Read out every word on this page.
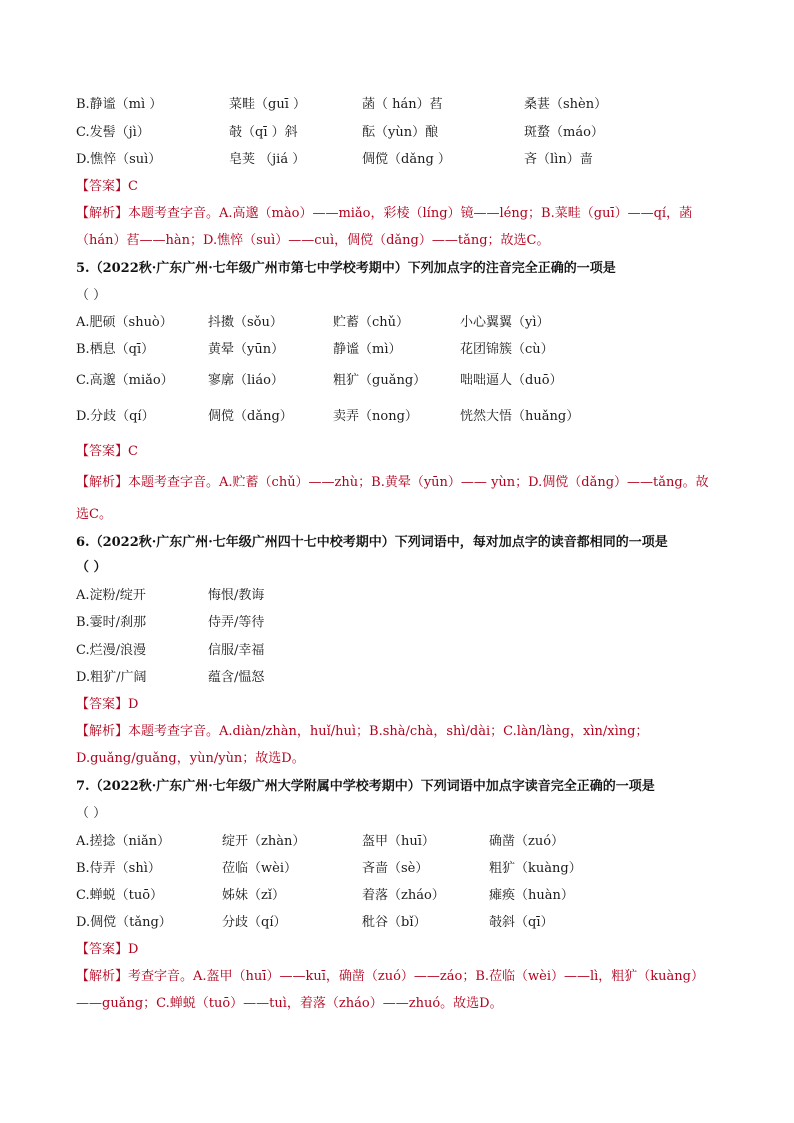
B.静谧（mì ）	菜畦（guī ）	菡（ hán）萏	桑葚（shèn）
C.发髻（jì）	攲（qī ）斜	酝（yùn）酿	斑蝥（máo）
D.憔悴（suì）	皂荚 （jiá ）	倜傥（dǎng ）	吝（lìn）啬
【答案】C
【解析】本题考查字音。A.高邈（mào）——miǎo，彩棱（líng）镜——léng；B.菜畦（guī）——qí，菡（hán）萏——hàn；D.憔悴（suì）——cuì，倜傥（dǎng）——tǎng；故选C。
5.（2022秋·广东广州·七年级广州市第七中学校考期中）下列加点字的注音完全正确的一项是
（ ）
A.肥硕（shuò）	抖擞（sǒu）	贮蓄（chǔ）	小心翼翼（yì）
B.栖息（qī）	黄晕（yūn）	静谧（mì）	花团锦簇（cù）
C.高邈（miǎo）	寥廓（liáo）	粗犷（guǎng）	咄咄逼人（duō）
D.分歧（qí）	倜傥（dǎng）	卖弄（nong）	恍然大悟（huǎng）
【答案】C
【解析】本题考查字音。A.贮蓄（chǔ）——zhù；B.黄晕（yūn）—— yùn；D.倜傥（dǎng）——tǎng。故选C。
6.（2022秋·广东广州·七年级广州四十七中校考期中）下列词语中，每对加点字的读音都相同的一项是
（ ）
A.淀粉/绽开	悔恨/教诲
B.霎时/刹那	侍弄/等待
C.烂漫/浪漫	信服/幸福
D.粗犷/广阔	蕴含/愠怒
【答案】D
【解析】本题考查字音。A.diàn/zhàn，huǐ/huì；B.shà/chà，shì/dài；C.làn/làng，xìn/xìng；D.guǎng/guǎng，yùn/yùn；故选D。
7.（2022秋·广东广州·七年级广州大学附属中学校考期中）下列词语中加点字读音完全正确的一项是
（ ）
A.搓捻（niǎn）	绽开（zhàn）	盔甲（huī）	确凿（zuó）
B.侍弄（shì）	莅临（wèi）	吝啬（sè）	粗犷（kuàng）
C.蝉蜕（tuō）	姊妹（zǐ）	着落（zháo）	瘫痪（huàn）
D.倜傥（tǎng）	分歧（qí）	秕谷（bǐ）	攲斜（qī）
【答案】D
【解析】考查字音。A.盔甲（huī）——kuī，确凿（zuó）——záo；B.莅临（wèi）——lì，粗犷（kuàng）——guǎng；C.蝉蜕（tuō）——tuì，着落（zháo）——zhuó。故选D。
